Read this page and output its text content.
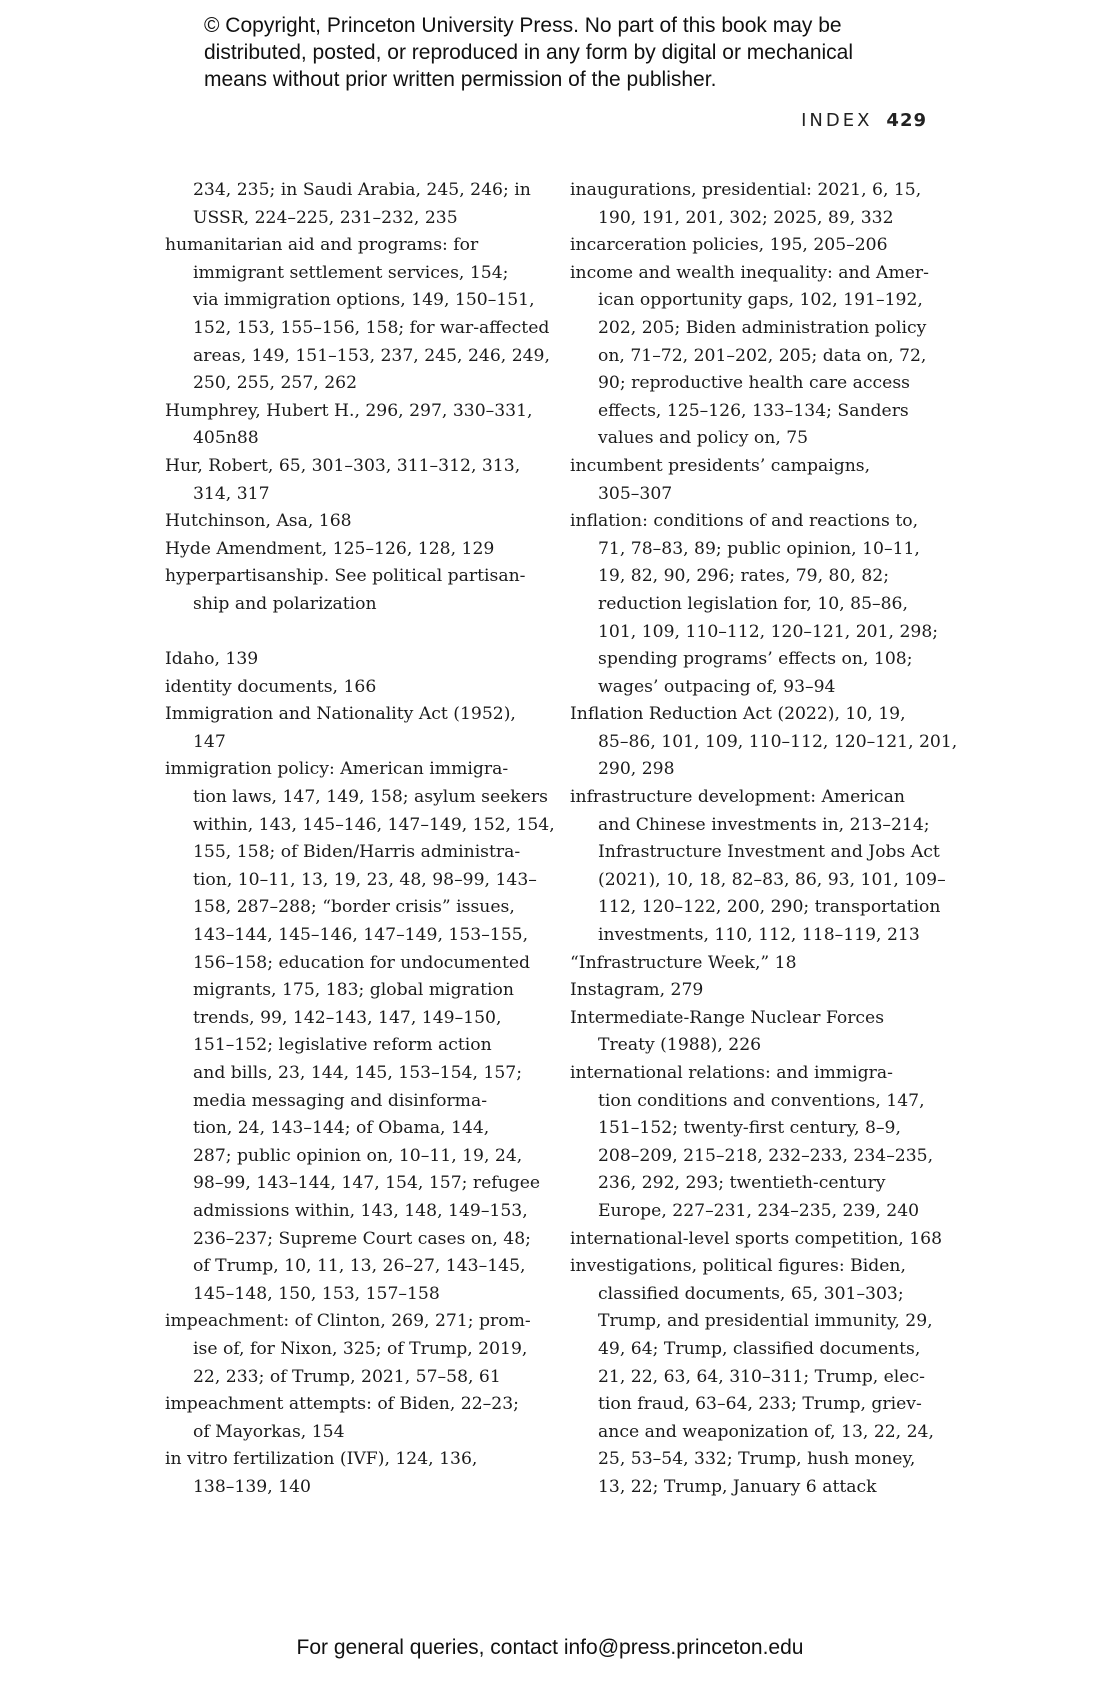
© Copyright, Princeton University Press. No part of this book may be
distributed, posted, or reproduced in any form by digital or mechanical
means without prior written permission of the publisher.
INDEX 429
234, 235; in Saudi Arabia, 245, 246; in
USSR, 224–225, 231–232, 235
humanitarian aid and programs: for
immigrant settlement services, 154;
via immigration options, 149, 150–151,
152, 153, 155–156, 158; for war-affected
areas, 149, 151–153, 237, 245, 246, 249,
250, 255, 257, 262
Humphrey, Hubert H., 296, 297, 330–331,
405n88
Hur, Robert, 65, 301–303, 311–312, 313,
314, 317
Hutchinson, Asa, 168
Hyde Amendment, 125–126, 128, 129
hyperpartisanship. See political partisan-
ship and polarization
Idaho, 139
identity documents, 166
Immigration and Nationality Act (1952),
147
immigration policy: American immigra-
tion laws, 147, 149, 158; asylum seekers
within, 143, 145–146, 147–149, 152, 154,
155, 158; of Biden/Harris administra-
tion, 10–11, 13, 19, 23, 48, 98–99, 143–
158, 287–288; “border crisis” issues,
143–144, 145–146, 147–149, 153–155,
156–158; education for undocumented
migrants, 175, 183; global migration
trends, 99, 142–143, 147, 149–150,
151–152; legislative reform action
and bills, 23, 144, 145, 153–154, 157;
media messaging and disinforma-
tion, 24, 143–144; of Obama, 144,
287; public opinion on, 10–11, 19, 24,
98–99, 143–144, 147, 154, 157; refugee
admissions within, 143, 148, 149–153,
236–237; Supreme Court cases on, 48;
of Trump, 10, 11, 13, 26–27, 143–145,
145–148, 150, 153, 157–158
impeachment: of Clinton, 269, 271; prom-
ise of, for Nixon, 325; of Trump, 2019,
22, 233; of Trump, 2021, 57–58, 61
impeachment attempts: of Biden, 22–23;
of Mayorkas, 154
in vitro fertilization (IVF), 124, 136,
138–139, 140
inaugurations, presidential: 2021, 6, 15,
190, 191, 201, 302; 2025, 89, 332
incarceration policies, 195, 205–206
income and wealth inequality: and Amer-
ican opportunity gaps, 102, 191–192,
202, 205; Biden administration policy
on, 71–72, 201–202, 205; data on, 72,
90; reproductive health care access
effects, 125–126, 133–134; Sanders
values and policy on, 75
incumbent presidents’ campaigns,
305–307
inflation: conditions of and reactions to,
71, 78–83, 89; public opinion, 10–11,
19, 82, 90, 296; rates, 79, 80, 82;
reduction legislation for, 10, 85–86,
101, 109, 110–112, 120–121, 201, 298;
spending programs’ effects on, 108;
wages’ outpacing of, 93–94
Inflation Reduction Act (2022), 10, 19,
85–86, 101, 109, 110–112, 120–121, 201,
290, 298
infrastructure development: American
and Chinese investments in, 213–214;
Infrastructure Investment and Jobs Act
(2021), 10, 18, 82–83, 86, 93, 101, 109–
112, 120–122, 200, 290; transportation
investments, 110, 112, 118–119, 213
“Infrastructure Week,” 18
Instagram, 279
Intermediate-Range Nuclear Forces
Treaty (1988), 226
international relations: and immigra-
tion conditions and conventions, 147,
151–152; twenty-first century, 8–9,
208–209, 215–218, 232–233, 234–235,
236, 292, 293; twentieth-century
Europe, 227–231, 234–235, 239, 240
international-level sports competition, 168
investigations, political figures: Biden,
classified documents, 65, 301–303;
Trump, and presidential immunity, 29,
49, 64; Trump, classified documents,
21, 22, 63, 64, 310–311; Trump, elec-
tion fraud, 63–64, 233; Trump, griev-
ance and weaponization of, 13, 22, 24,
25, 53–54, 332; Trump, hush money,
13, 22; Trump, January 6 attack
For general queries, contact info@press.princeton.edu
